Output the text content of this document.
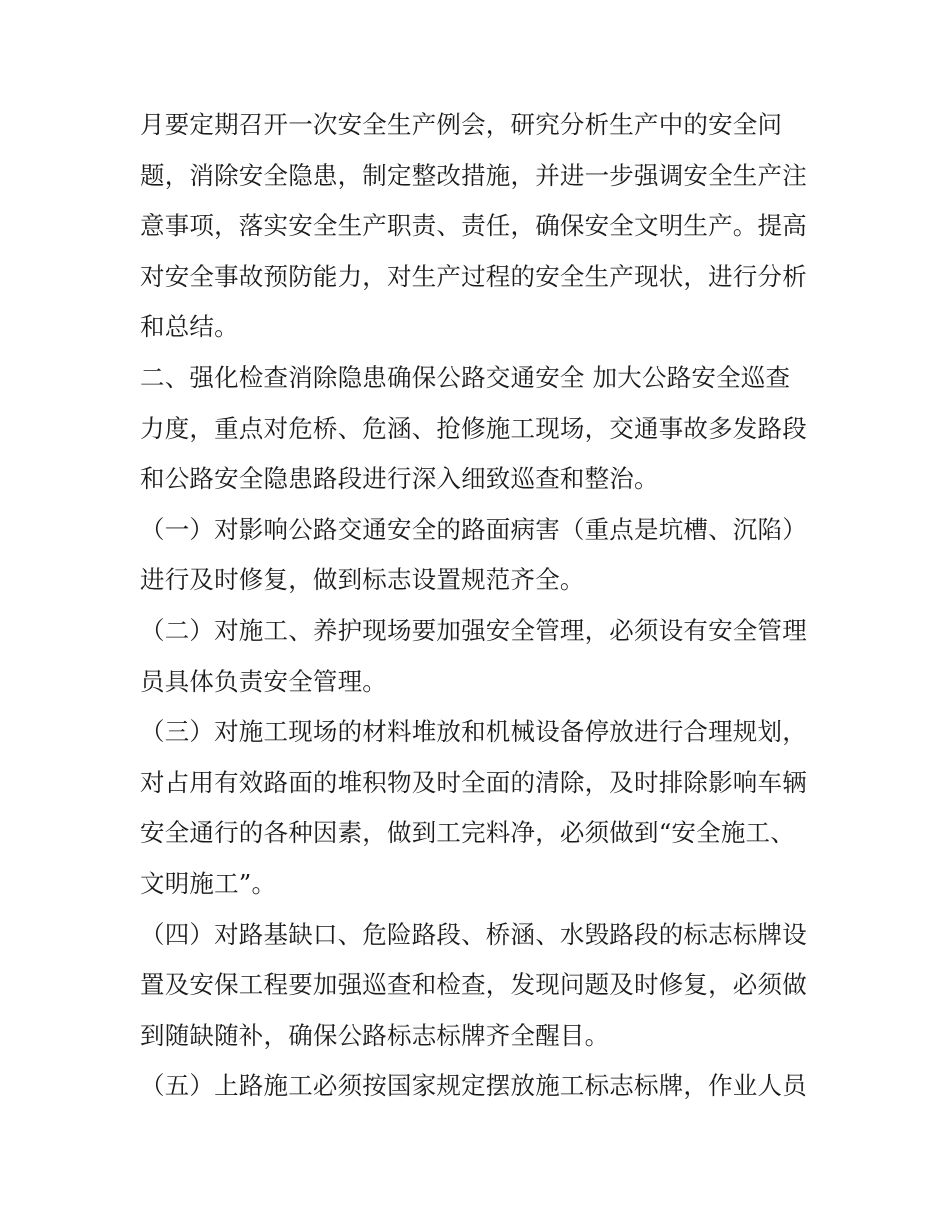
月要定期召开一次安全生产例会，研究分析生产中的安全问
题，消除安全隐患，制定整改措施，并进一步强调安全生产注
意事项，落实安全生产职责、责任，确保安全文明生产。提高
对安全事故预防能力，对生产过程的安全生产现状，进行分析
和总结。
二、强化检查消除隐患确保公路交通安全 加大公路安全巡查
力度，重点对危桥、危涵、抢修施工现场，交通事故多发路段
和公路安全隐患路段进行深入细致巡查和整治。
（一）对影响公路交通安全的路面病害（重点是坑槽、沉陷）
进行及时修复，做到标志设置规范齐全。
（二）对施工、养护现场要加强安全管理，必须设有安全管理
员具体负责安全管理。
（三）对施工现场的材料堆放和机械设备停放进行合理规划，
对占用有效路面的堆积物及时全面的清除，及时排除影响车辆
安全通行的各种因素，做到工完料净，必须做到“安全施工、
文明施工”。
（四）对路基缺口、危险路段、桥涵、水毁路段的标志标牌设
置及安保工程要加强巡查和检查，发现问题及时修复，必须做
到随缺随补，确保公路标志标牌齐全醒目。
（五）上路施工必须按国家规定摆放施工标志标牌，作业人员
